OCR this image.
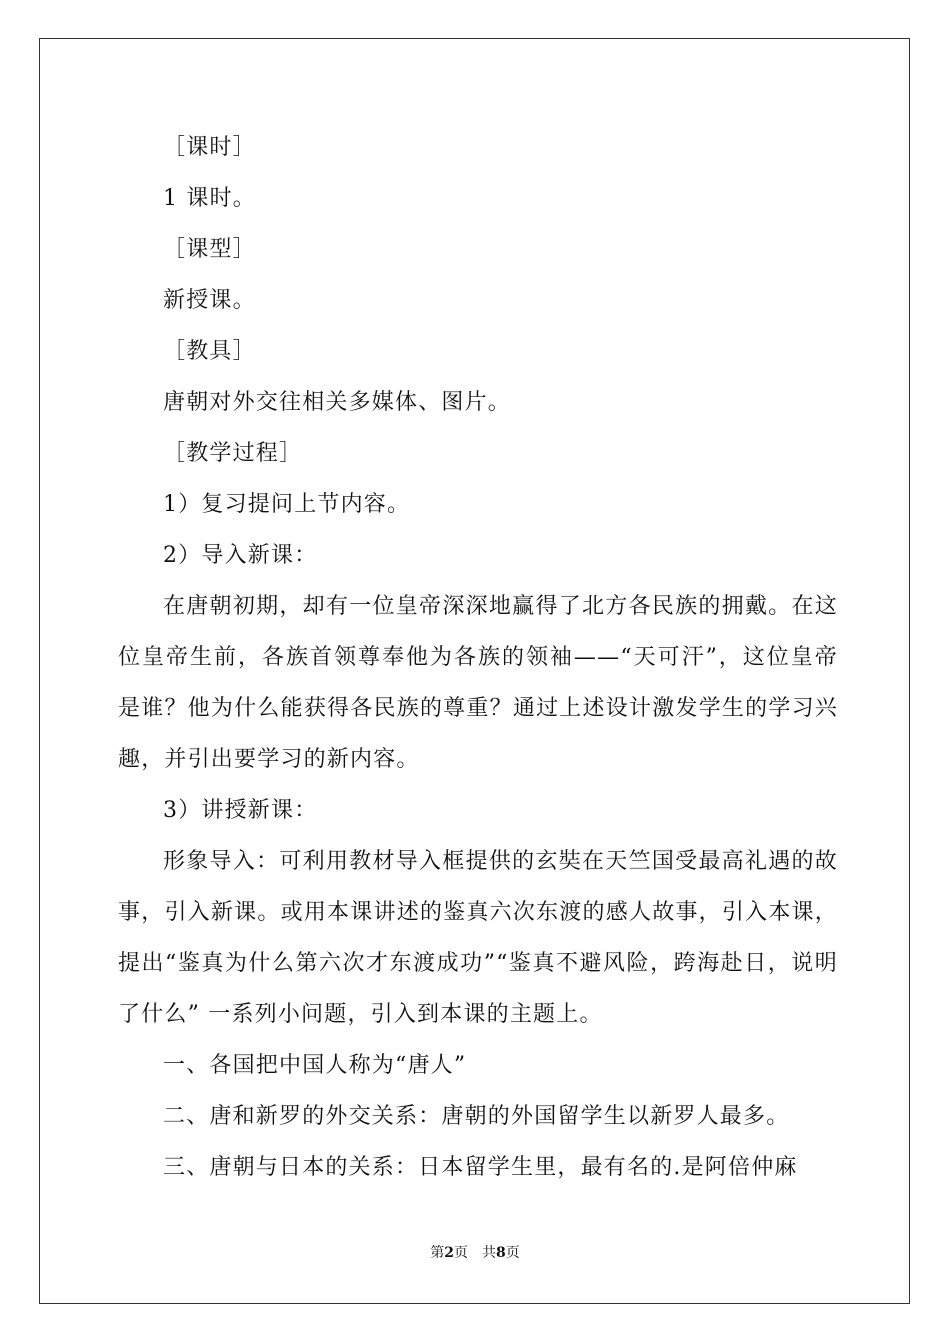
［课时］

1 课时。

［课型］

新授课。

［教具］

唐朝对外交往相关多媒体、图片。

［教学过程］

1）复习提问上节内容。

2）导入新课：

在唐朝初期，却有一位皇帝深深地赢得了北方各民族的拥戴。在这位皇帝生前，各族首领尊奉他为各族的领袖——“天可汗”，这位皇帝是谁？他为什么能获得各民族的尊重？通过上述设计激发学生的学习兴趣，并引出要学习的新内容。

3）讲授新课：

形象导入：可利用教材导入框提供的玄奘在天竺国受最高礼遇的故事，引入新课。或用本课讲述的鉴真六次东渡的感人故事，引入本课，提出“鉴真为什么第六次才东渡成功”“鉴真不避风险，跨海赴日，说明了什么” 一系列小问题，引入到本课的主题上。

一、各国把中国人称为“唐人”

二、唐和新罗的外交关系：唐朝的外国留学生以新罗人最多。

三、唐朝与日本的关系：日本留学生里，最有名的.是阿倍仲麻

第2页 共8页
